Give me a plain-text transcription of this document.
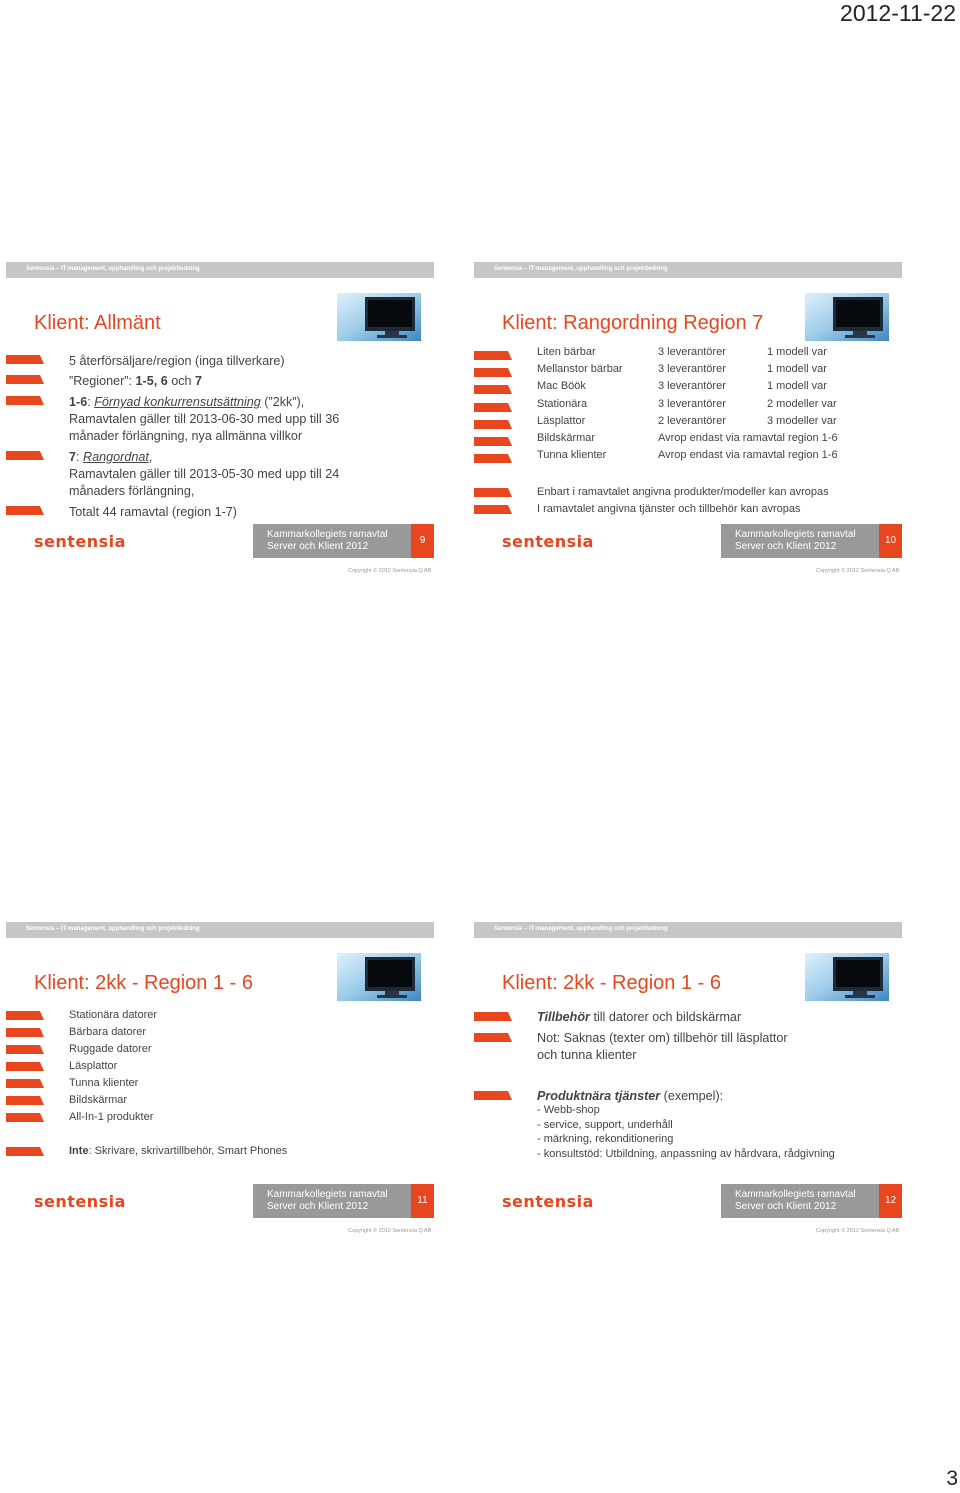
2012-11-22
Sentensia – IT-management, upphandling och projektledning
Klient: Allmänt
5 återförsäljare/region (inga tillverkare)
”Regioner”: 1-5, 6 och 7
1-6: Förnyad konkurrensutsättning (”2kk”),
Ramavtalen gäller till 2013-06-30 med upp till 36
månader förlängning, nya allmänna villkor
7: Rangordnat,
Ramavtalen gäller till 2013-05-30 med upp till 24
månaders förlängning,
Totalt 44 ramavtal (region 1-7)
sentensia	Kammarkollegiets ramavtal
Server och Klient 2012
9
Copyright © 2012 Sentensia Q AB
Sentensia – IT-management, upphandling och projektledning
Klient: Rangordning Region 7
Liten bärbar	3 leverantörer	1 modell var
Mellanstor bärbar	3 leverantörer	1 modell var
Mac Böök	3 leverantörer	1 modell var
Stationära	3 leverantörer	2 modeller var
Läsplattor	2 leverantörer	3 modeller var
Bildskärmar	Avrop endast via ramavtal region 1-6
Tunna klienter	Avrop endast via ramavtal region 1-6
Enbart i ramavtalet angivna produkter/modeller kan avropas
I ramavtalet angivna tjänster och tillbehör kan avropas
sentensia	Kammarkollegiets ramavtal
Server och Klient 2012
10
Copyright © 2012 Sentensia Q AB
Sentensia – IT-management, upphandling och projektledning
Klient: 2kk - Region 1 - 6
Stationära datorer
Bärbara datorer
Ruggade datorer
Läsplattor
Tunna klienter
Bildskärmar
All-In-1 produkter
Inte: Skrivare, skrivartillbehör, Smart Phones
sentensia	Kammarkollegiets ramavtal
Server och Klient 2012
11
Copyright © 2012 Sentensia Q AB
Sentensia – IT-management, upphandling och projektledning
Klient: 2kk - Region 1 - 6
Tillbehör till datorer och bildskärmar
Not: Saknas (texter om) tillbehör till läsplattor
och tunna klienter
Produktnära tjänster (exempel):
- Webb-shop
- service, support, underhåll
- märkning, rekonditionering
- konsultstöd: Utbildning, anpassning av hårdvara, rådgivning
sentensia	Kammarkollegiets ramavtal
Server och Klient 2012
12
Copyright © 2012 Sentensia Q AB
3
